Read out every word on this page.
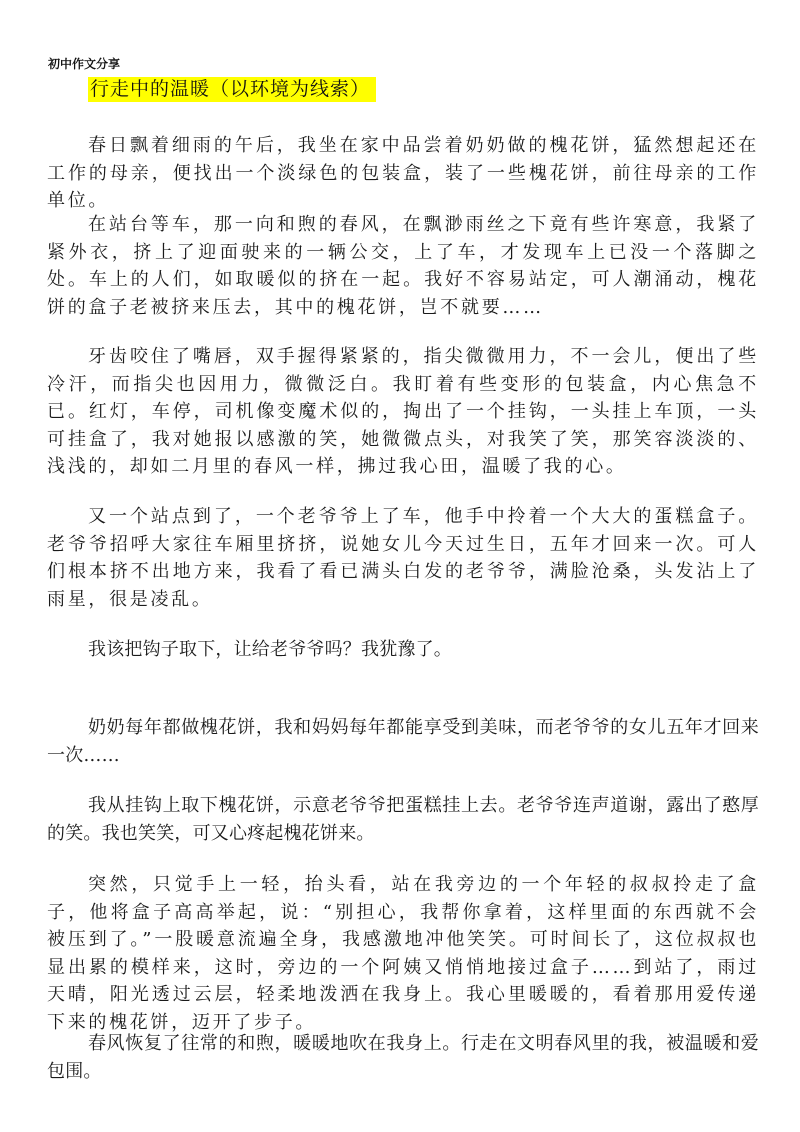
初中作文分享
行走中的温暖（以环境为线索）

春日飘着细雨的午后，我坐在家中品尝着奶奶做的槐花饼，猛然想起还在工作的母亲，便找出一个淡绿色的包装盒，装了一些槐花饼，前往母亲的工作单位。

在站台等车，那一向和煦的春风，在飘渺雨丝之下竟有些许寒意，我紧了紧外衣，挤上了迎面驶来的一辆公交，上了车，才发现车上已没一个落脚之处。车上的人们，如取暖似的挤在一起。我好不容易站定，可人潮涌动，槐花饼的盒子老被挤来压去，其中的槐花饼，岂不就要……

牙齿咬住了嘴唇，双手握得紧紧的，指尖微微用力，不一会儿，便出了些冷汗，而指尖也因用力，微微泛白。我盯着有些变形的包装盒，内心焦急不已。红灯，车停，司机像变魔术似的，掏出了一个挂钩，一头挂上车顶，一头可挂盒了，我对她报以感激的笑，她微微点头，对我笑了笑，那笑容淡淡的、浅浅的，却如二月里的春风一样，拂过我心田，温暖了我的心。

又一个站点到了，一个老爷爷上了车，他手中拎着一个大大的蛋糕盒子。老爷爷招呼大家往车厢里挤挤，说她女儿今天过生日，五年才回来一次。可人们根本挤不出地方来，我看了看已满头白发的老爷爷，满脸沧桑，头发沾上了雨星，很是凌乱。

我该把钩子取下，让给老爷爷吗？我犹豫了。

奶奶每年都做槐花饼，我和妈妈每年都能享受到美味，而老爷爷的女儿五年才回来一次……

我从挂钩上取下槐花饼，示意老爷爷把蛋糕挂上去。老爷爷连声道谢，露出了憨厚的笑。我也笑笑，可又心疼起槐花饼来。

突然，只觉手上一轻，抬头看，站在我旁边的一个年轻的叔叔拎走了盒子，他将盒子高高举起，说：“别担心，我帮你拿着，这样里面的东西就不会被压到了。”一股暖意流遍全身，我感激地冲他笑笑。可时间长了，这位叔叔也显出累的模样来，这时，旁边的一个阿姨又悄悄地接过盒子……到站了，雨过天晴，阳光透过云层，轻柔地泼洒在我身上。我心里暖暖的，看着那用爱传递下来的槐花饼，迈开了步子。

春风恢复了往常的和煦，暖暖地吹在我身上。行走在文明春风里的我，被温暖和爱包围。
